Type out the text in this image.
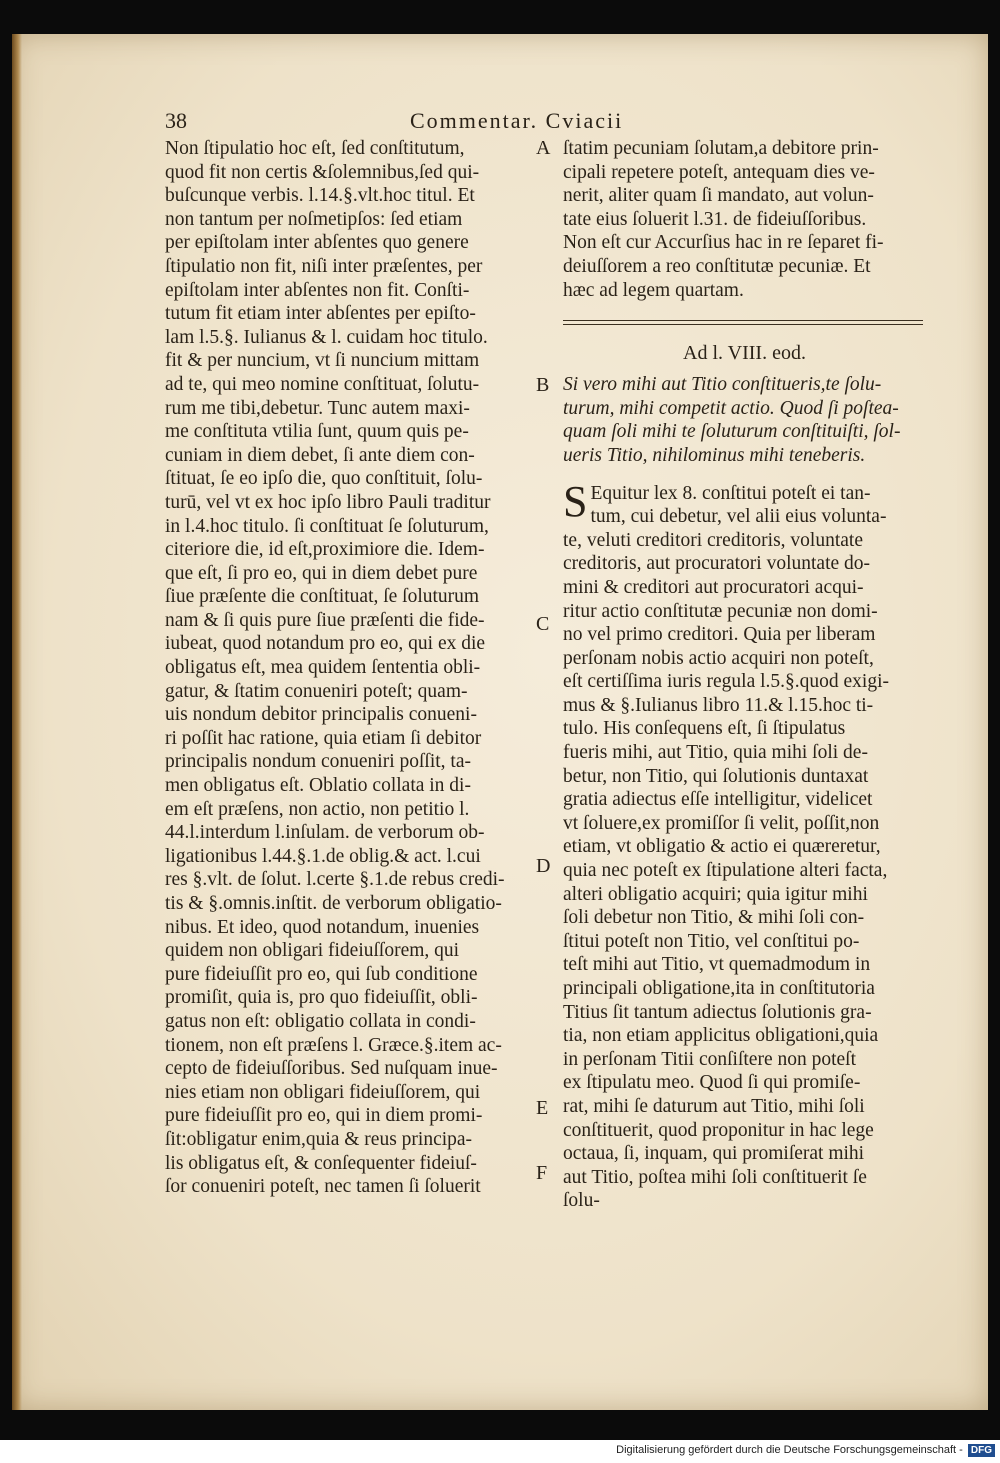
38	Commentar. Cviacii
Non ſtipulatio hoc eſt, ſed conſtitutum,
quod fit non certis &ſolemnibus,ſed qui-
buſcunque verbis. l.14.§.vlt.hoc titul. Et
non tantum per noſmetipſos: ſed etiam
per epiſtolam inter abſentes quo genere
ſtipulatio non fit, niſi inter præſentes, per
epiſtolam inter abſentes non fit. Conſti-
tutum fit etiam inter abſentes per epiſto-
lam l.5.§. Iulianus & l. cuidam hoc titulo.
fit & per nuncium, vt ſi nuncium mittam
ad te, qui meo nomine conſtituat, ſolutu-
rum me tibi,debetur. Tunc autem maxi-
me conſtituta vtilia ſunt, quum quis pe-
cuniam in diem debet, ſi ante diem con-
ſtituat, ſe eo ipſo die, quo conſtituit, ſolu-
turū, vel vt ex hoc ipſo libro Pauli traditur
in l.4.hoc titulo. ſi conſtituat ſe ſoluturum,
citeriore die, id eſt,proximiore die. Idem-
que eſt, ſi pro eo, qui in diem debet pure
ſiue præſente die conſtituat, ſe ſoluturum
nam & ſi quis pure ſiue præſenti die fide-
iubeat, quod notandum pro eo, qui ex die
obligatus eſt, mea quidem ſententia obli-
gatur, & ſtatim conueniri poteſt; quam-
uis nondum debitor principalis conueni-
ri poſſit hac ratione, quia etiam ſi debitor
principalis nondum conueniri poſſit, ta-
men obligatus eſt. Oblatio collata in di-
em eſt præſens, non actio, non petitio l.
44.l.interdum l.inſulam. de verborum ob-
ligationibus l.44.§.1.de oblig.& act. l.cui
res §.vlt. de ſolut. l.certe §.1.de rebus credi-
tis & §.omnis.inſtit. de verborum obligatio-
nibus. Et ideo, quod notandum, inuenies
quidem non obligari fideiuſſorem, qui
pure fideiuſſit pro eo, qui ſub conditione
promiſit, quia is, pro quo fideiuſſit, obli-
gatus non eſt: obligatio collata in condi-
tionem, non eſt præſens l. Græce.§.item ac-
cepto de fideiuſſoribus. Sed nuſquam inue-
nies etiam non obligari fideiuſſorem, qui
pure fideiuſſit pro eo, qui in diem promi-
ſit:obligatur enim,quia & reus principa-
lis obligatus eſt, & conſequenter fideiuſ-
ſor conueniri poteſt, nec tamen ſi ſoluerit
ſtatim pecuniam ſolutam,a debitore prin-
cipali repetere poteſt, antequam dies ve-
nerit, aliter quam ſi mandato, aut volun-
tate eius ſoluerit l.31. de fideiuſſoribus.
Non eſt cur Accurſius hac in re ſeparet fi-
deiuſſorem a reo conſtitutæ pecuniæ. Et
hæc ad legem quartam.
Ad l. VIII. eod.
Si vero mihi aut Titio conſtitueris,te ſolu-
turum, mihi competit actio. Quod ſi poſtea-
quam ſoli mihi te ſoluturum conſtituiſti, ſol-
ueris Titio, nihilominus mihi teneberis.
S Equitur lex 8. conſtitui poteſt ei tan-
tum, cui debetur, vel alii eius volunta-
te, veluti creditori creditoris, voluntate
creditoris, aut procuratori voluntate do-
mini & creditori aut procuratori acqui-
ritur actio conſtitutæ pecuniæ non domi-
no vel primo creditori. Quia per liberam
perſonam nobis actio acquiri non poteſt,
eſt certiſſima iuris regula l.5.§.quod exigi-
mus & §.Iulianus libro 11.& l.15.hoc ti-
tulo. His conſequens eſt, ſi ſtipulatus
fueris mihi, aut Titio, quia mihi ſoli de-
betur, non Titio, qui ſolutionis duntaxat
gratia adiectus eſſe intelligitur, videlicet
vt ſoluere,ex promiſſor ſi velit, poſſit,non
etiam, vt obligatio & actio ei quæreretur,
quia nec poteſt ex ſtipulatione alteri facta,
alteri obligatio acquiri; quia igitur mihi
ſoli debetur non Titio, & mihi ſoli con-
ſtitui poteſt non Titio, vel conſtitui po-
teſt mihi aut Titio, vt quemadmodum in
principali obligatione,ita in conſtitutoria
Titius ſit tantum adiectus ſolutionis gra-
tia, non etiam applicitus obligationi,quia
in perſonam Titii conſiſtere non poteſt
ex ſtipulatu meo. Quod ſi qui promiſe-
rat, mihi ſe daturum aut Titio, mihi ſoli
conſtituerit, quod proponitur in hac lege
octaua, ſi, inquam, qui promiſerat mihi
aut Titio, poſtea mihi ſoli conſtituerit ſe
ſolu-
A
B
C
D
E
F
Digitalisierung gefördert durch die Deutsche Forschungsgemeinschaft - DFG
